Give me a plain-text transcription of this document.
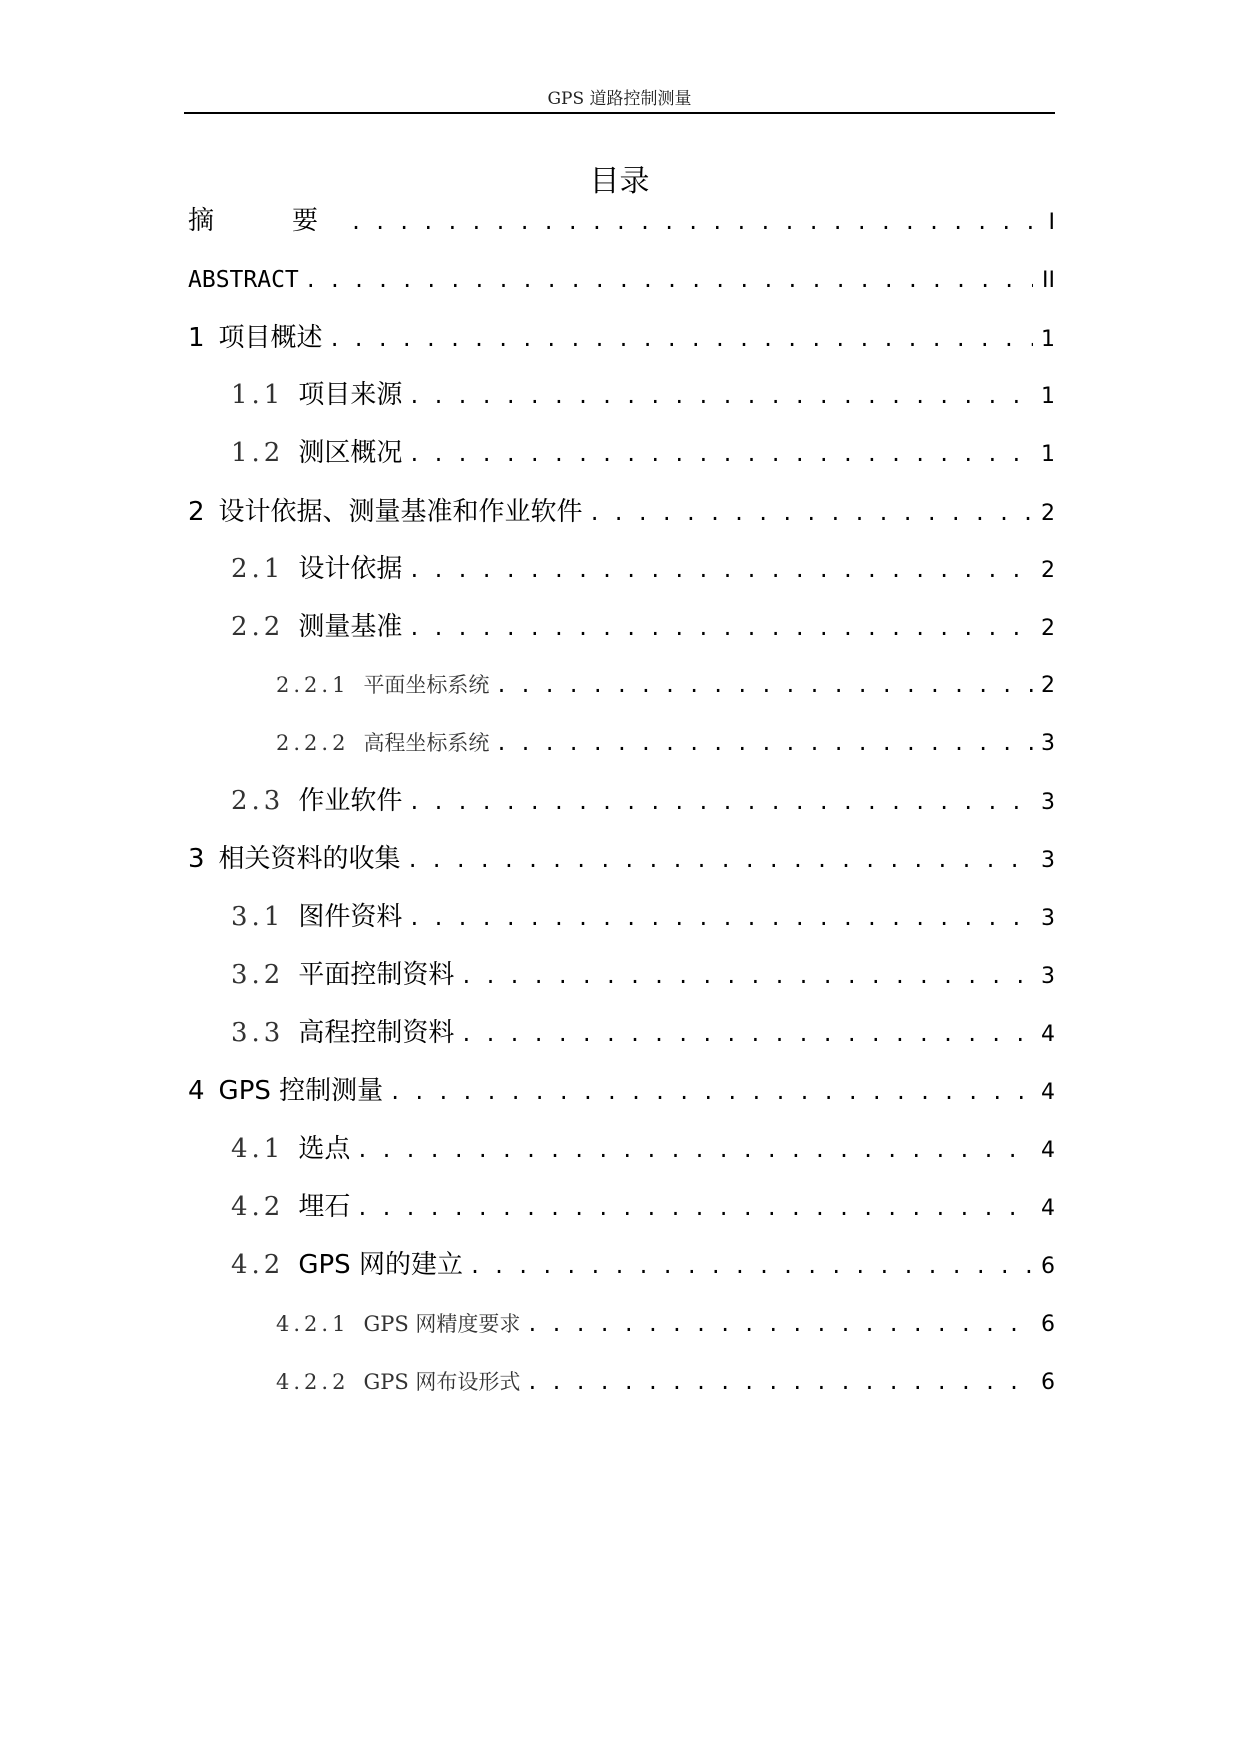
GPS 道路控制测量
目录
摘　要 . . .	I
ABSTRACT . . .	II
1 项目概述 . . .	1
1.1 项目来源 . . .	1
1.2 测区概况 . . .	1
2 设计依据、测量基准和作业软件 . . .	2
2.1 设计依据 . . .	2
2.2 测量基准 . . .	2
2.2.1 平面坐标系统 . . .	2
2.2.2 高程坐标系统 . . .	3
2.3 作业软件 . . .	3
3 相关资料的收集 . . .	3
3.1 图件资料 . . .	3
3.2 平面控制资料 . . .	3
3.3 高程控制资料 . . .	4
4 GPS 控制测量 . . .	4
4.1 选点 . . .	4
4.2 埋石 . . .	4
4.2 GPS 网的建立 . . .	6
4.2.1 GPS 网精度要求 . . .	6
4.2.2 GPS 网布设形式 . . .	6
